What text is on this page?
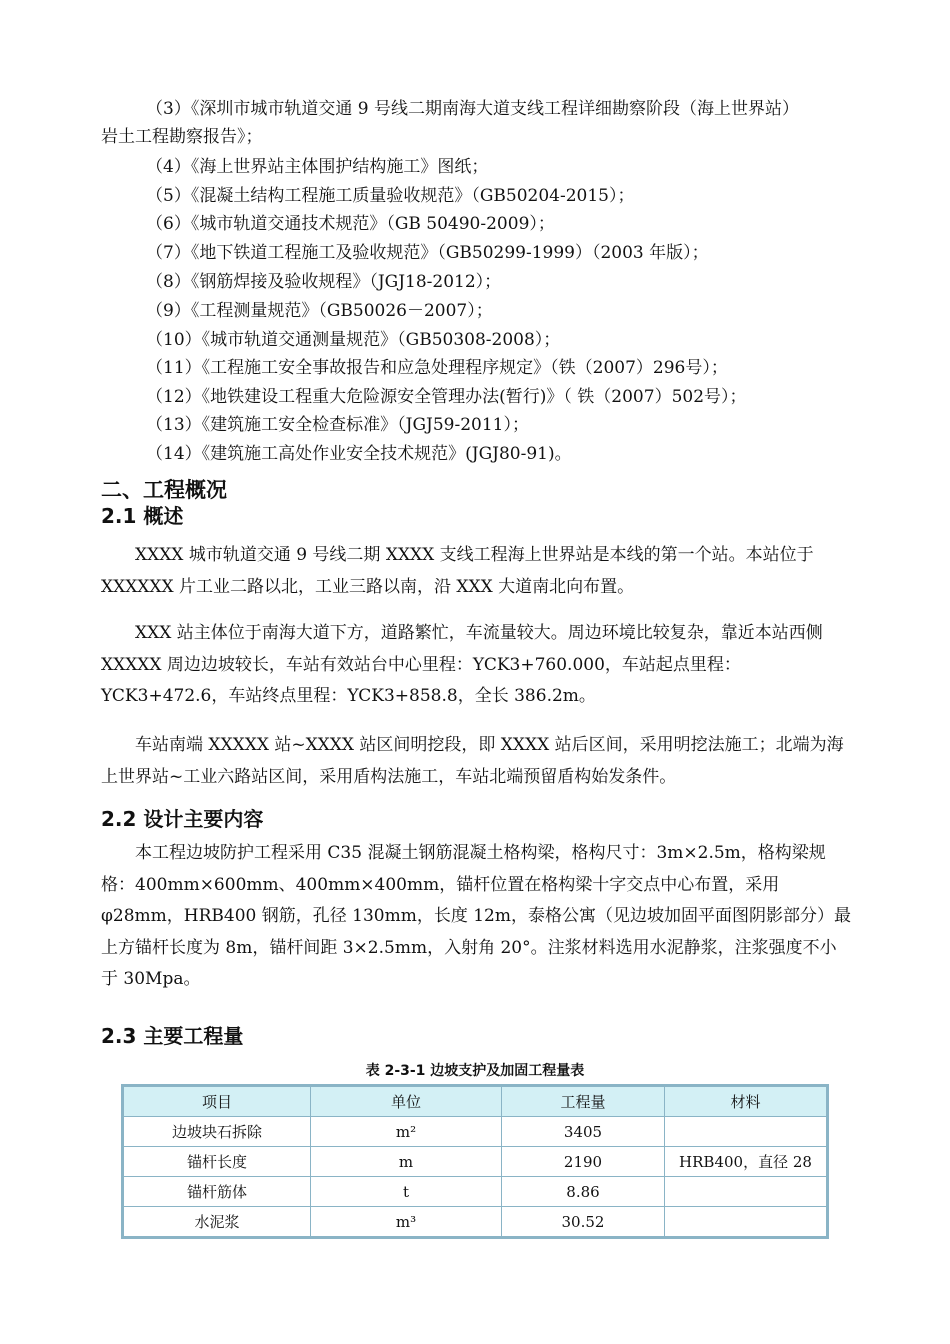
（3）《深圳市城市轨道交通 9 号线二期南海大道支线工程详细勘察阶段（海上世界站）
岩土工程勘察报告》；
（4）《海上世界站主体围护结构施工》图纸；
（5）《混凝土结构工程施工质量验收规范》（GB50204-2015）；
（6）《城市轨道交通技术规范》（GB 50490-2009）；
（7）《地下铁道工程施工及验收规范》（GB50299-1999）（2003 年版）；
（8）《钢筋焊接及验收规程》（JGJ18-2012）；
（9）《工程测量规范》（GB50026－2007）；
（10）《城市轨道交通测量规范》（GB50308-2008）；
（11）《工程施工安全事故报告和应急处理程序规定》（铁（2007）296号）；
（12）《地铁建设工程重大危险源安全管理办法(暂行)》（ 铁（2007）502号）；
（13）《建筑施工安全检查标准》（JGJ59-2011）；
（14）《建筑施工高处作业安全技术规范》(JGJ80-91)。
二、工程概况
2.1 概述
XXXX 城市轨道交通 9 号线二期 XXXX 支线工程海上世界站是本线的第一个站。本站位于 XXXXXX 片工业二路以北，工业三路以南，沿 XXX 大道南北向布置。
XXX 站主体位于南海大道下方，道路繁忙，车流量较大。周边环境比较复杂，靠近本站西侧 XXXXX 周边边坡较长，车站有效站台中心里程：YCK3+760.000，车站起点里程：YCK3+472.6，车站终点里程：YCK3+858.8，全长 386.2m。
车站南端 XXXXX 站~XXXX 站区间明挖段，即 XXXX 站后区间，采用明挖法施工；北端为海上世界站~工业六路站区间，采用盾构法施工，车站北端预留盾构始发条件。
2.2 设计主要内容
本工程边坡防护工程采用 C35 混凝土钢筋混凝土格构梁，格构尺寸：3m×2.5m，格构梁规格：400mm×600mm、400mm×400mm，锚杆位置在格构梁十字交点中心布置，采用φ28mm，HRB400 钢筋，孔径 130mm，长度 12m，泰格公寓（见边坡加固平面图阴影部分）最上方锚杆长度为 8m，锚杆间距 3×2.5mm，入射角 20°。注浆材料选用水泥静浆，注浆强度不小于 30Mpa。
2.3 主要工程量
表 2-3-1 边坡支护及加固工程量表
项目	单位	工程量	材料
边坡块石拆除	m²	3405	
锚杆长度	m	2190	HRB400，直径 28
锚杆筋体	t	8.86	
水泥浆	m³	30.52	
